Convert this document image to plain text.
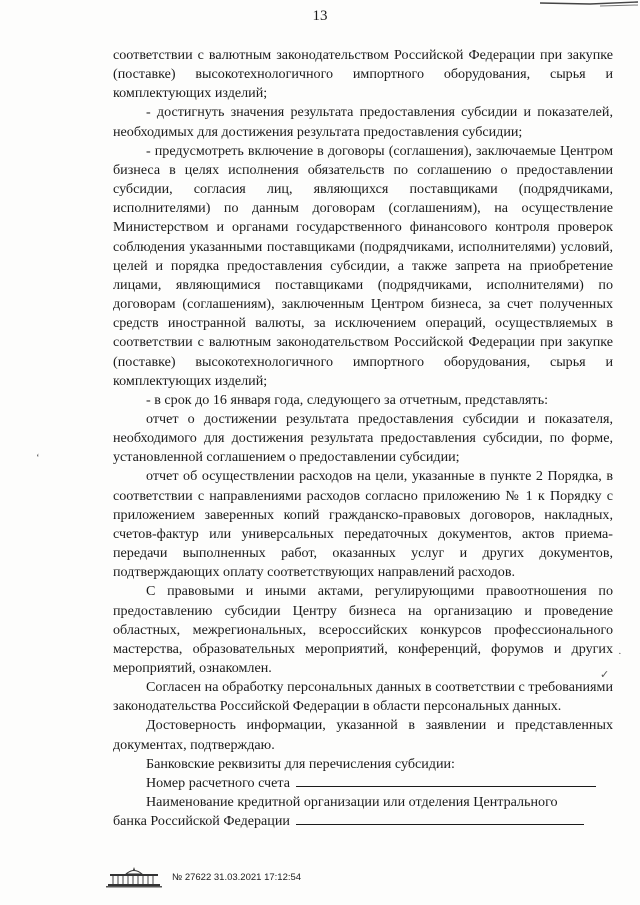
13

соответствии с валютным законодательством Российской Федерации при закупке (поставке) высокотехнологичного импортного оборудования, сырья и комплектующих изделий;

- достигнуть значения результата предоставления субсидии и показателей, необходимых для достижения результата предоставления субсидии;

- предусмотреть включение в договоры (соглашения), заключаемые Центром бизнеса в целях исполнения обязательств по соглашению о предоставлении субсидии, согласия лиц, являющихся поставщиками (подрядчиками, исполнителями) по данным договорам (соглашениям), на осуществление Министерством и органами государственного финансового контроля проверок соблюдения указанными поставщиками (подрядчиками, исполнителями) условий, целей и порядка предоставления субсидии, а также запрета на приобретение лицами, являющимися поставщиками (подрядчиками, исполнителями) по договорам (соглашениям), заключенным Центром бизнеса, за счет полученных средств иностранной валюты, за исключением операций, осуществляемых в соответствии с валютным законодательством Российской Федерации при закупке (поставке) высокотехнологичного импортного оборудования, сырья и комплектующих изделий;

- в срок до 16 января года, следующего за отчетным, представлять:

отчет о достижении результата предоставления субсидии и показателя, необходимого для достижения результата предоставления субсидии, по форме, установленной соглашением о предоставлении субсидии;

отчет об осуществлении расходов на цели, указанные в пункте 2 Порядка, в соответствии с направлениями расходов согласно приложению № 1 к Порядку с приложением заверенных копий гражданско-правовых договоров, накладных, счетов-фактур или универсальных передаточных документов, актов приема-передачи выполненных работ, оказанных услуг и других документов, подтверждающих оплату соответствующих направлений расходов.

С правовыми и иными актами, регулирующими правоотношения по предоставлению субсидии Центру бизнеса на организацию и проведение областных, межрегиональных, всероссийских конкурсов профессионального мастерства, образовательных мероприятий, конференций, форумов и других мероприятий, ознакомлен.

Согласен на обработку персональных данных в соответствии с требованиями законодательства Российской Федерации в области персональных данных.

Достоверность информации, указанной в заявлении и представленных документах, подтверждаю.

Банковские реквизиты для перечисления субсидии:

Номер расчетного счета

Наименование кредитной организации или отделения Центрального

банка Российской Федерации

‘
·
✓
№ 27622 31.03.2021 17:12:54
